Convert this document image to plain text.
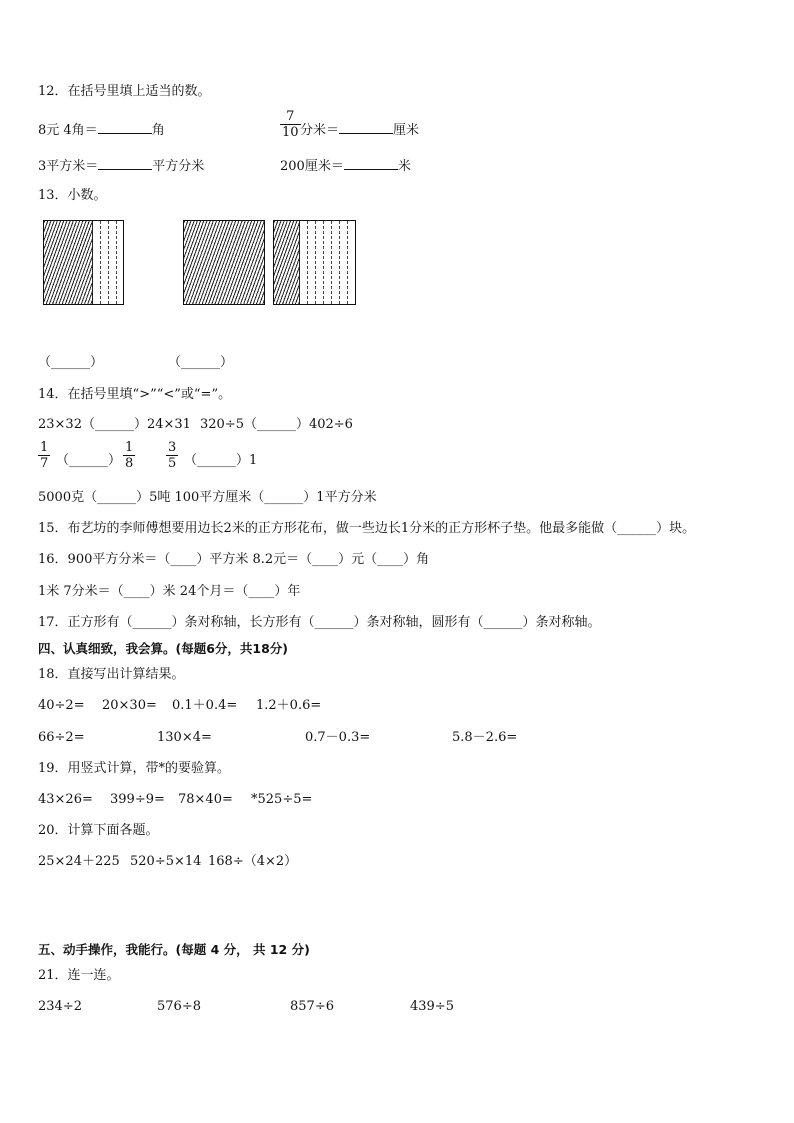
12．在括号里填上适当的数。
8元 4角＝	角	$\frac{7}{10}$ 分米＝	厘米
3平方米＝	平方分米	200厘米＝	米
13．小数。
（______）	（______）
14．在括号里填“>”“<”或“=”。
23×32（______）24×31 320÷5（______）402÷6
$\frac{1}{7}$ （______） $\frac{1}{8} \frac{3}{5}$ （______）1
5000克（______）5吨 100平方厘米（______）1平方分米
15．布艺坊的李师傅想要用边长2米的正方形花布，做一些边长1分米的正方形杯子垫。他最多能做（______）块。
16．900平方分米＝（____）平方米 8.2元＝（____）元（____）角
1米 7分米＝（____）米 24个月＝（____）年
17．正方形有（______）条对称轴，长方形有（______）条对称轴，圆形有（______）条对称轴。
四、认真细致，我会算。(每题6分，共18分)
18．直接写出计算结果。
40÷2= 20×30= 0.1＋0.4= 1.2＋0.6=
66÷2=	130×4=	0.7－0.3=	5.8－2.6=
19．用竖式计算，带*的要验算。
43×26= 399÷9= 78×40= *525÷5=
20．计算下面各题。
25×24＋225 520÷5×14 168÷（4×2）
五、动手操作，我能行。(每题 4 分， 共 12 分)
21．连一连。
234÷2	576÷8	857÷6	439÷5
